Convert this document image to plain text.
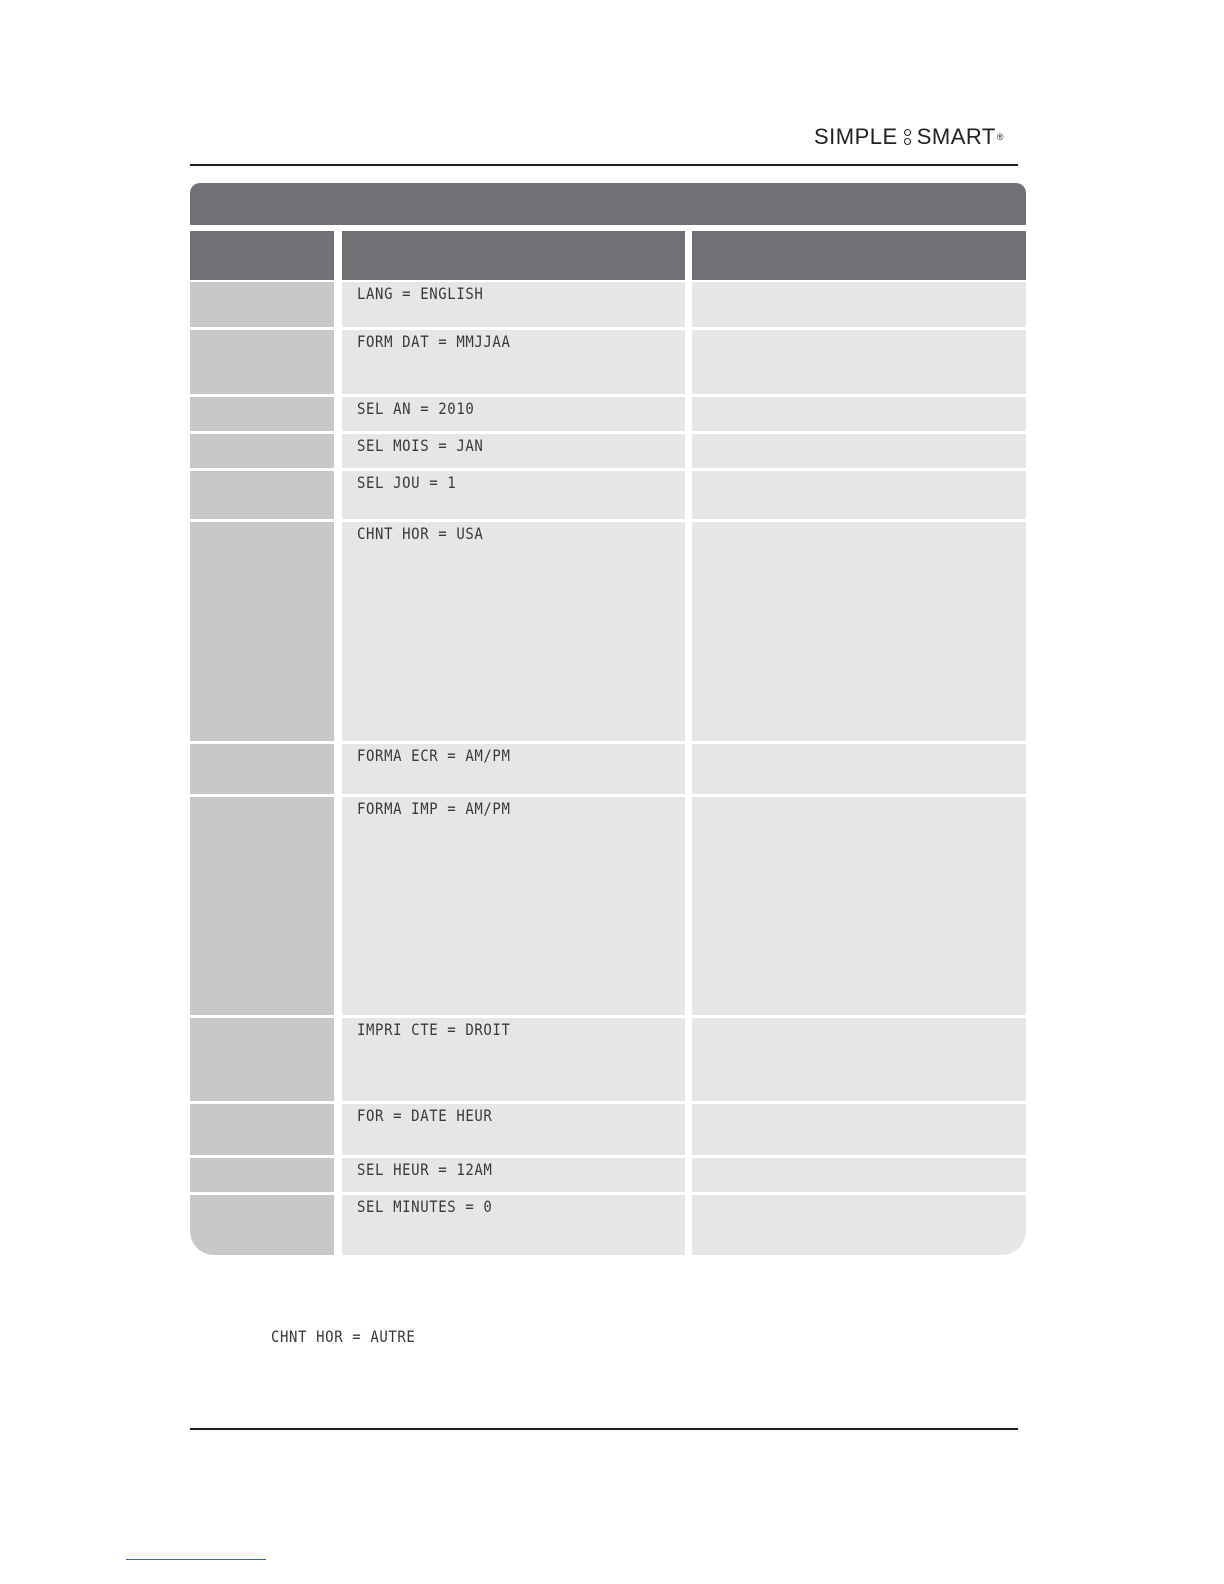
SIMPLE SMART ®
LANG = ENGLISH
FORM DAT = MMJJAA
SEL AN = 2010
SEL MOIS = JAN
SEL JOU = 1
CHNT HOR = USA
FORMA ECR = AM/PM
FORMA IMP = AM/PM
IMPRI CTE = DROIT
FOR = DATE HEUR
SEL HEUR = 12AM
SEL MINUTES = 0
CHNT HOR = AUTRE
